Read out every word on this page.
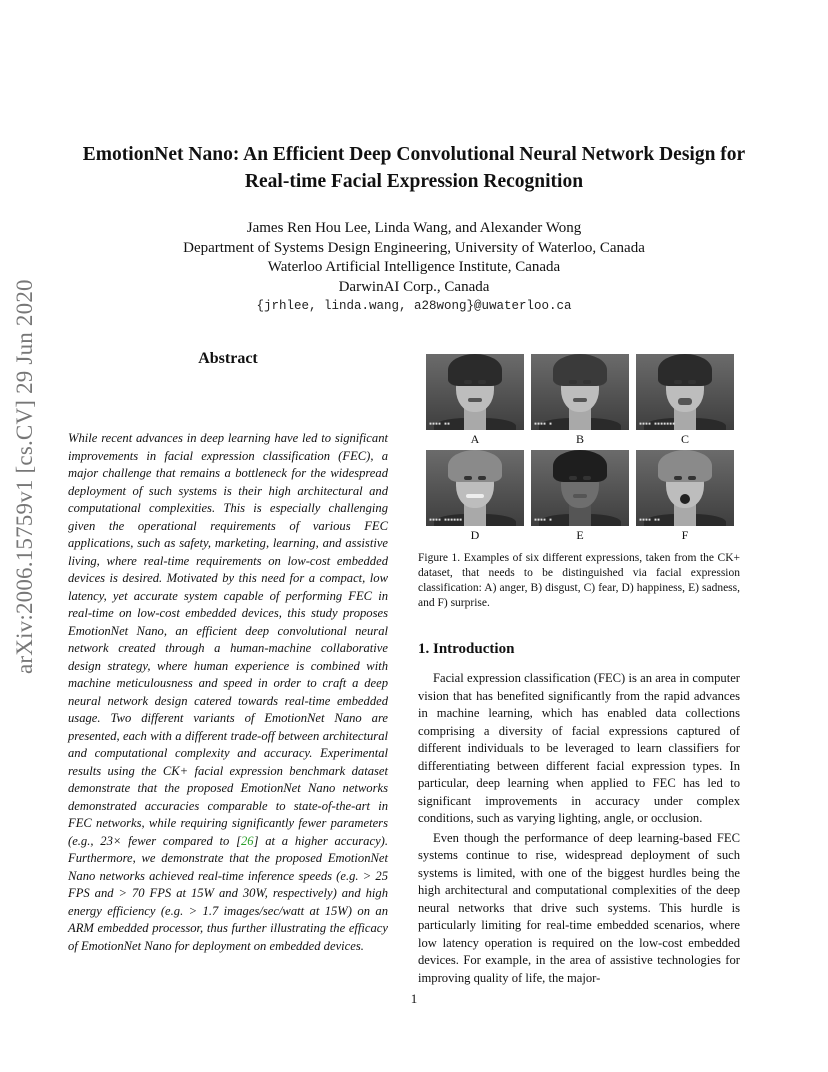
arXiv:2006.15759v1 [cs.CV] 29 Jun 2020
EmotionNet Nano: An Efficient Deep Convolutional Neural Network Design for
Real-time Facial Expression Recognition
James Ren Hou Lee, Linda Wang, and Alexander Wong
Department of Systems Design Engineering, University of Waterloo, Canada
Waterloo Artificial Intelligence Institute, Canada
DarwinAI Corp., Canada
{jrhlee, linda.wang, a28wong}@uwaterloo.ca
Abstract
While recent advances in deep learning have led to significant improvements in facial expression classification (FEC), a major challenge that remains a bottleneck for the widespread deployment of such systems is their high architectural and computational complexities. This is especially challenging given the operational requirements of various FEC applications, such as safety, marketing, learning, and assistive living, where real-time requirements on low-cost embedded devices is desired. Motivated by this need for a compact, low latency, yet accurate system capable of performing FEC in real-time on low-cost embedded devices, this study proposes EmotionNet Nano, an efficient deep convolutional neural network created through a human-machine collaborative design strategy, where human experience is combined with machine meticulousness and speed in order to craft a deep neural network design catered towards real-time embedded usage. Two different variants of EmotionNet Nano are presented, each with a different trade-off between architectural and computational complexity and accuracy. Experimental results using the CK+ facial expression benchmark dataset demonstrate that the proposed EmotionNet Nano networks demonstrated accuracies comparable to state-of-the-art in FEC networks, while requiring significantly fewer parameters (e.g., 23× fewer compared to [26] at a higher accuracy). Furthermore, we demonstrate that the proposed EmotionNet Nano networks achieved real-time inference speeds (e.g. > 25 FPS and > 70 FPS at 15W and 30W, respectively) and high energy efficiency (e.g. > 1.7 images/sec/watt at 15W) on an ARM embedded processor, thus further illustrating the efficacy of EmotionNet Nano for deployment on embedded devices.
▪▪▪▪ ▪▪
A
▪▪▪▪ ▪
B
▪▪▪▪ ▪▪▪▪▪▪▪
C
▪▪▪▪ ▪▪▪▪▪▪
D
▪▪▪▪ ▪
E
▪▪▪▪ ▪▪
F
Figure 1. Examples of six different expressions, taken from the CK+ dataset, that needs to be distinguished via facial expression classification: A) anger, B) disgust, C) fear, D) happiness, E) sadness, and F) surprise.
1. Introduction

Facial expression classification (FEC) is an area in computer vision that has benefited significantly from the rapid advances in machine learning, which has enabled data collections comprising a diversity of facial expressions captured of different individuals to be leveraged to learn classifiers for differentiating between different facial expression types. In particular, deep learning when applied to FEC has led to significant improvements in accuracy under complex conditions, such as varying lighting, angle, or occlusion.

Even though the performance of deep learning-based FEC systems continue to rise, widespread deployment of such systems is limited, with one of the biggest hurdles being the high architectural and computational complexities of the deep neural networks that drive such systems. This hurdle is particularly limiting for real-time embedded scenarios, where low latency operation is required on the low-cost embedded devices. For example, in the area of assistive technologies for improving quality of life, the major-

1
